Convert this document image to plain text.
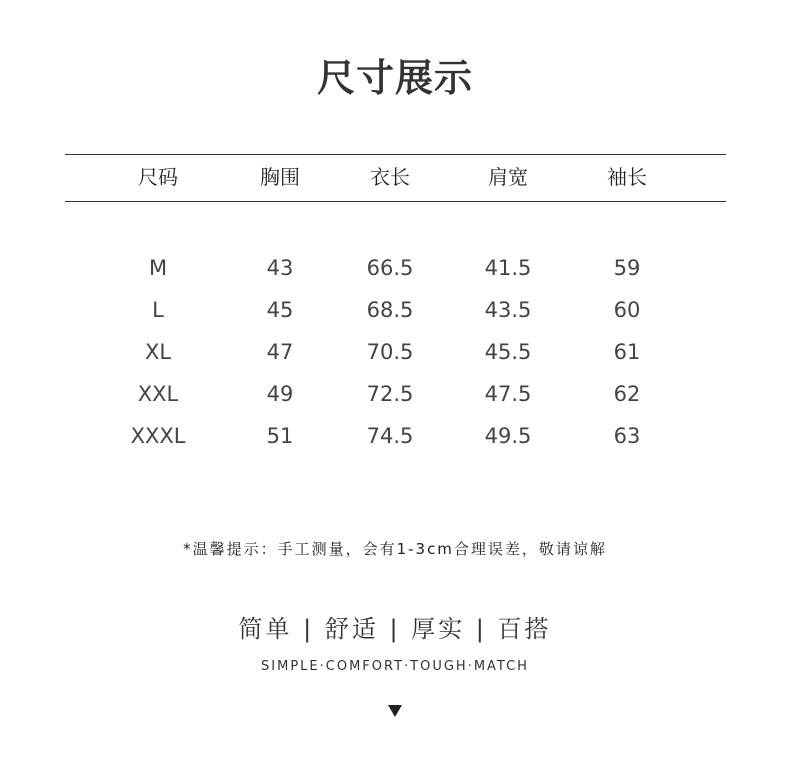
尺寸展示
尺码	胸围	衣长	肩宽	袖长
M	43	66.5	41.5	59
L	45	68.5	43.5	60
XL	47	70.5	45.5	61
XXL	49	72.5	47.5	62
XXXL	51	74.5	49.5	63
*温馨提示：手工测量，会有1-3cm合理误差，敬请谅解
简单 | 舒适 | 厚实 | 百搭
SIMPLE·COMFORT·TOUGH·MATCH
